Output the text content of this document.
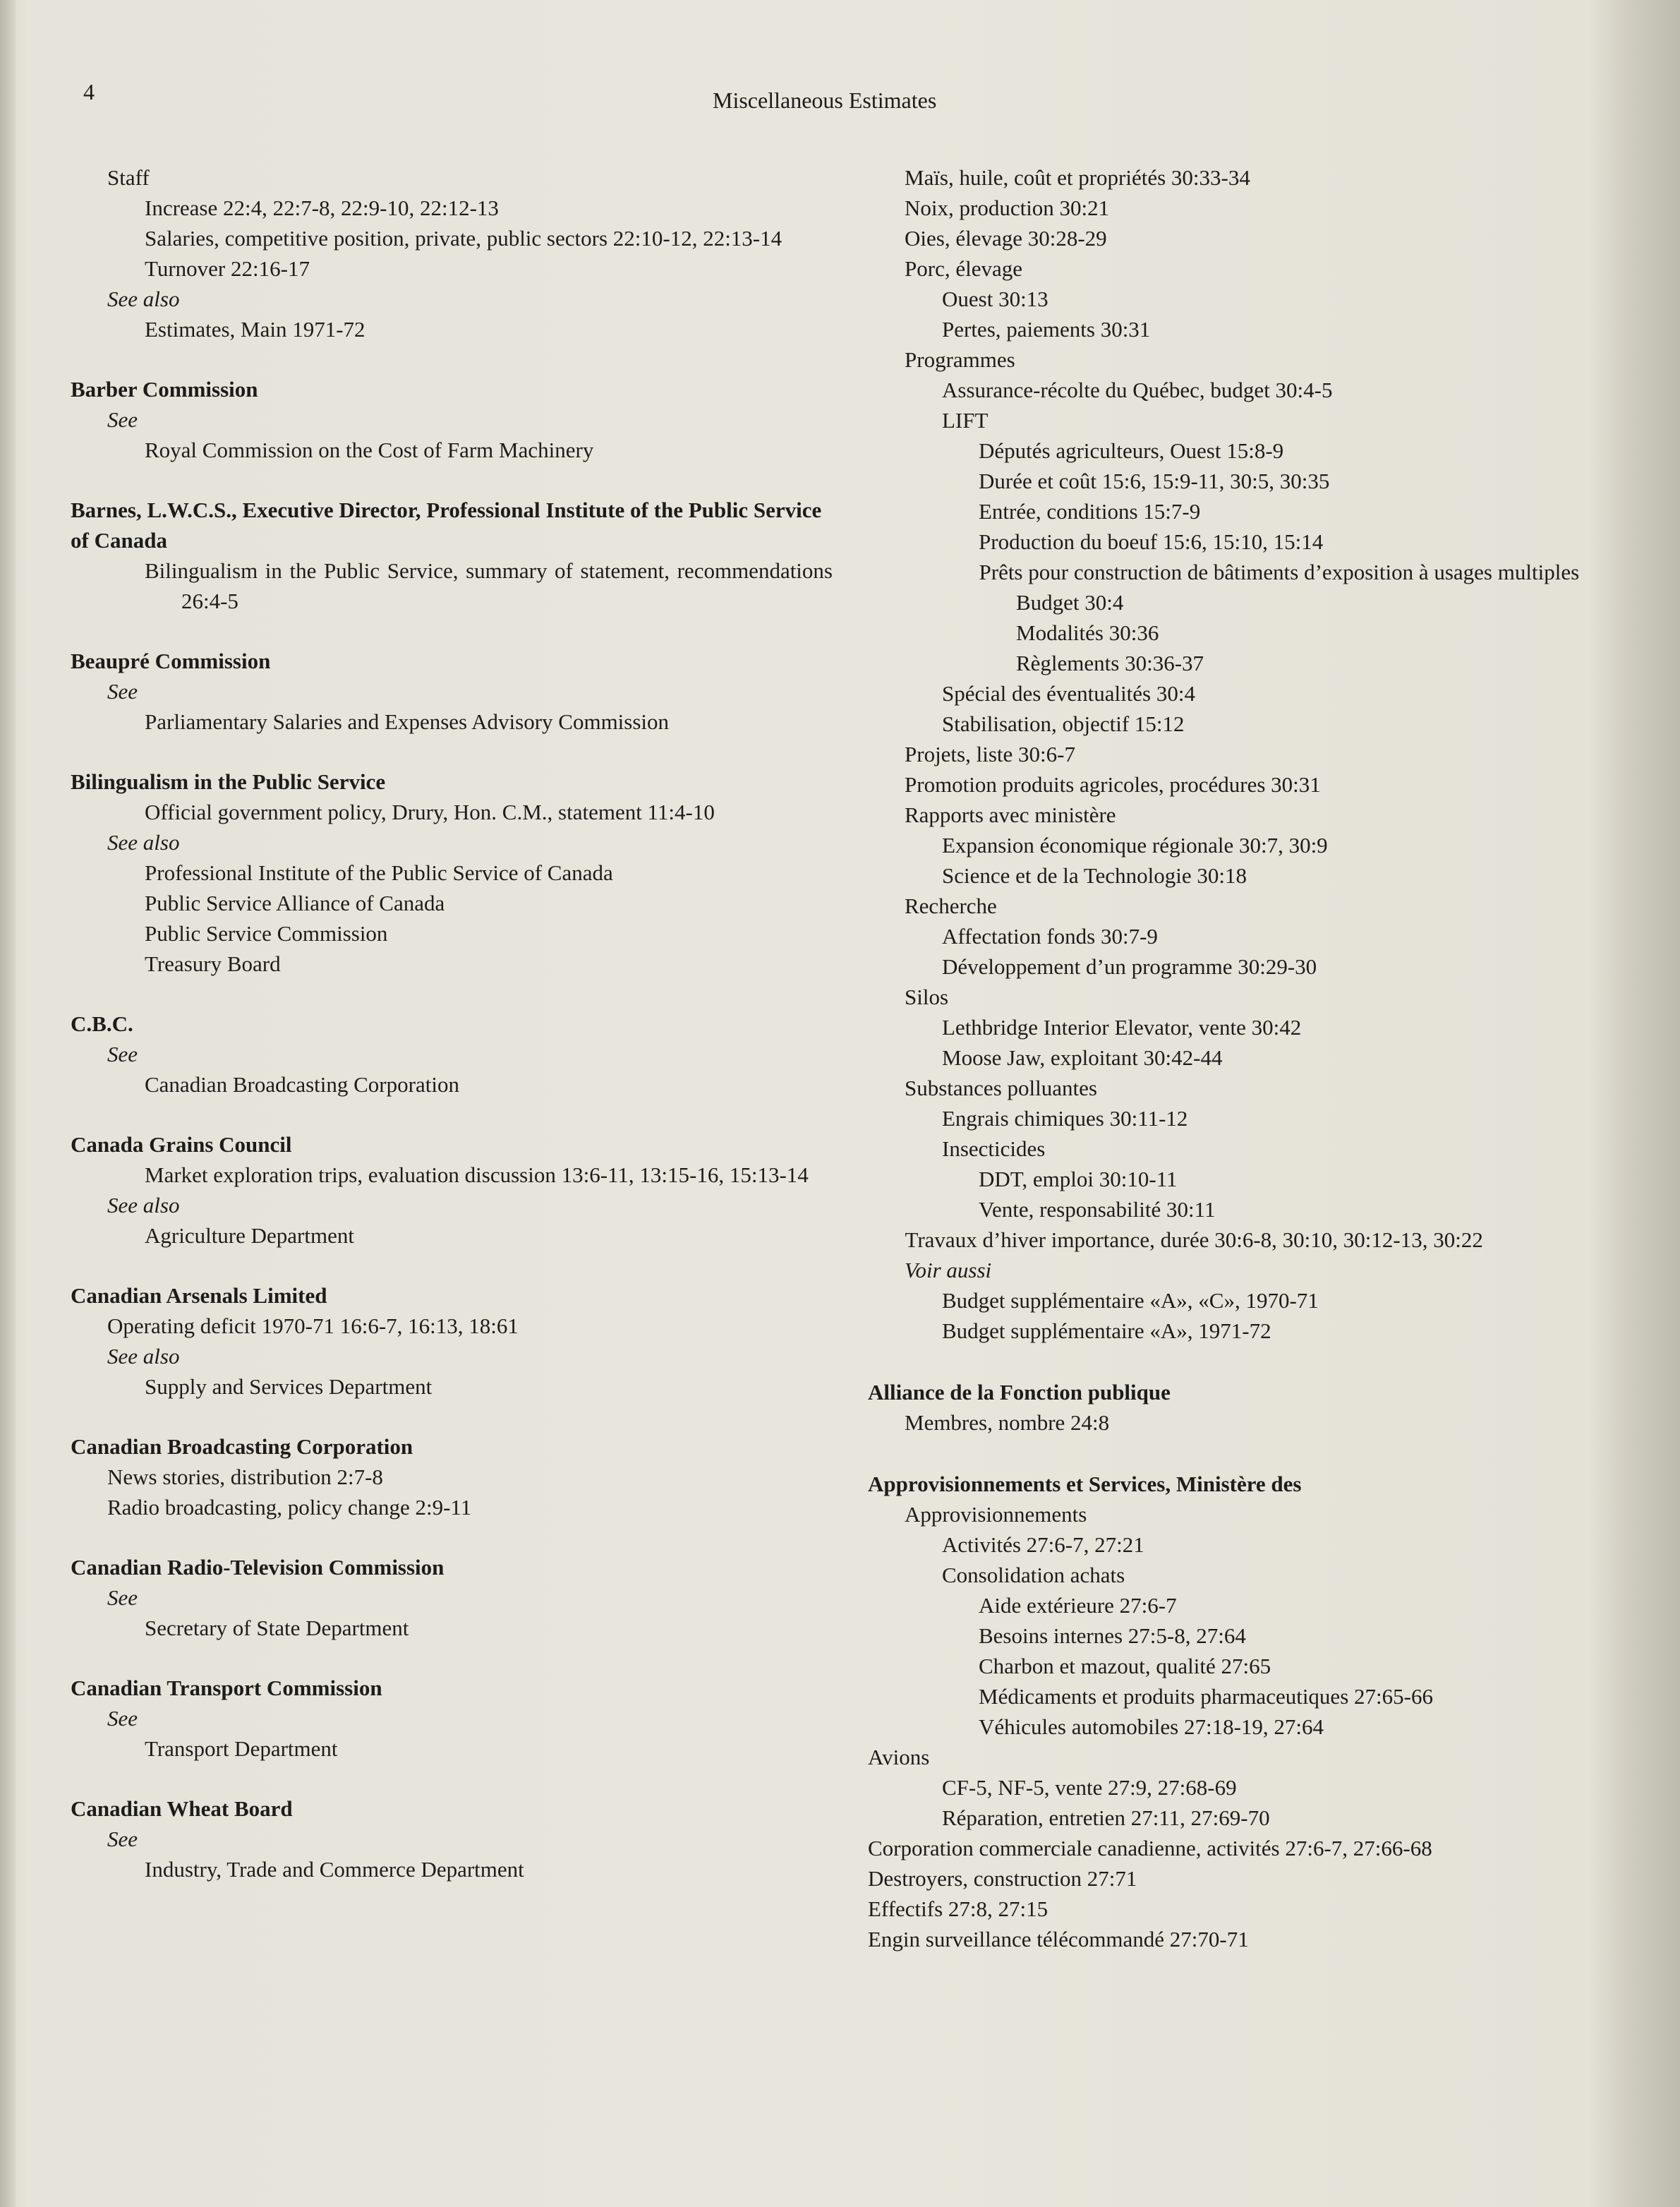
4	Miscellaneous Estimates
Staff
Increase 22:4, 22:7-8, 22:9-10, 22:12-13
Salaries, competitive position, private, public sectors 22:10-12, 22:13-14
Turnover 22:16-17
See also
Estimates, Main 1971-72
Barber Commission
See
Royal Commission on the Cost of Farm Machinery
Barnes, L.W.C.S., Executive Director, Professional Institute of the Public Service of Canada
Bilingualism in the Public Service, summary of statement, recommendations 26:4-5
Beaupré Commission
See
Parliamentary Salaries and Expenses Advisory Commission
Bilingualism in the Public Service
Official government policy, Drury, Hon. C.M., statement 11:4-10
See also
Professional Institute of the Public Service of Canada
Public Service Alliance of Canada
Public Service Commission
Treasury Board
C.B.C.
See
Canadian Broadcasting Corporation
Canada Grains Council
Market exploration trips, evaluation discussion 13:6-11, 13:15-16, 15:13-14
See also
Agriculture Department
Canadian Arsenals Limited
Operating deficit 1970-71 16:6-7, 16:13, 18:61
See also
Supply and Services Department
Canadian Broadcasting Corporation
News stories, distribution 2:7-8
Radio broadcasting, policy change 2:9-11
Canadian Radio-Television Commission
See
Secretary of State Department
Canadian Transport Commission
See
Transport Department
Canadian Wheat Board
See
Industry, Trade and Commerce Department
Maïs, huile, coût et propriétés 30:33-34
Noix, production 30:21
Oies, élevage 30:28-29
Porc, élevage
Ouest 30:13
Pertes, paiements 30:31
Programmes
Assurance-récolte du Québec, budget 30:4-5
LIFT
Députés agriculteurs, Ouest 15:8-9
Durée et coût 15:6, 15:9-11, 30:5, 30:35
Entrée, conditions 15:7-9
Production du boeuf 15:6, 15:10, 15:14
Prêts pour construction de bâtiments d’exposition à usages multiples
Budget 30:4
Modalités 30:36
Règlements 30:36-37
Spécial des éventualités 30:4
Stabilisation, objectif 15:12
Projets, liste 30:6-7
Promotion produits agricoles, procédures 30:31
Rapports avec ministère
Expansion économique régionale 30:7, 30:9
Science et de la Technologie 30:18
Recherche
Affectation fonds 30:7-9
Développement d’un programme 30:29-30
Silos
Lethbridge Interior Elevator, vente 30:42
Moose Jaw, exploitant 30:42-44
Substances polluantes
Engrais chimiques 30:11-12
Insecticides
DDT, emploi 30:10-11
Vente, responsabilité 30:11
Travaux d’hiver importance, durée 30:6-8, 30:10, 30:12-13, 30:22
Voir aussi
Budget supplémentaire «A», «C», 1970-71
Budget supplémentaire «A», 1971-72
Alliance de la Fonction publique
Membres, nombre 24:8
Approvisionnements et Services, Ministère des
Approvisionnements
Activités 27:6-7, 27:21
Consolidation achats
Aide extérieure 27:6-7
Besoins internes 27:5-8, 27:64
Charbon et mazout, qualité 27:65
Médicaments et produits pharmaceutiques 27:65-66
Véhicules automobiles 27:18-19, 27:64
Avions
CF-5, NF-5, vente 27:9, 27:68-69
Réparation, entretien 27:11, 27:69-70
Corporation commerciale canadienne, activités 27:6-7, 27:66-68
Destroyers, construction 27:71
Effectifs 27:8, 27:15
Engin surveillance télécommandé 27:70-71
